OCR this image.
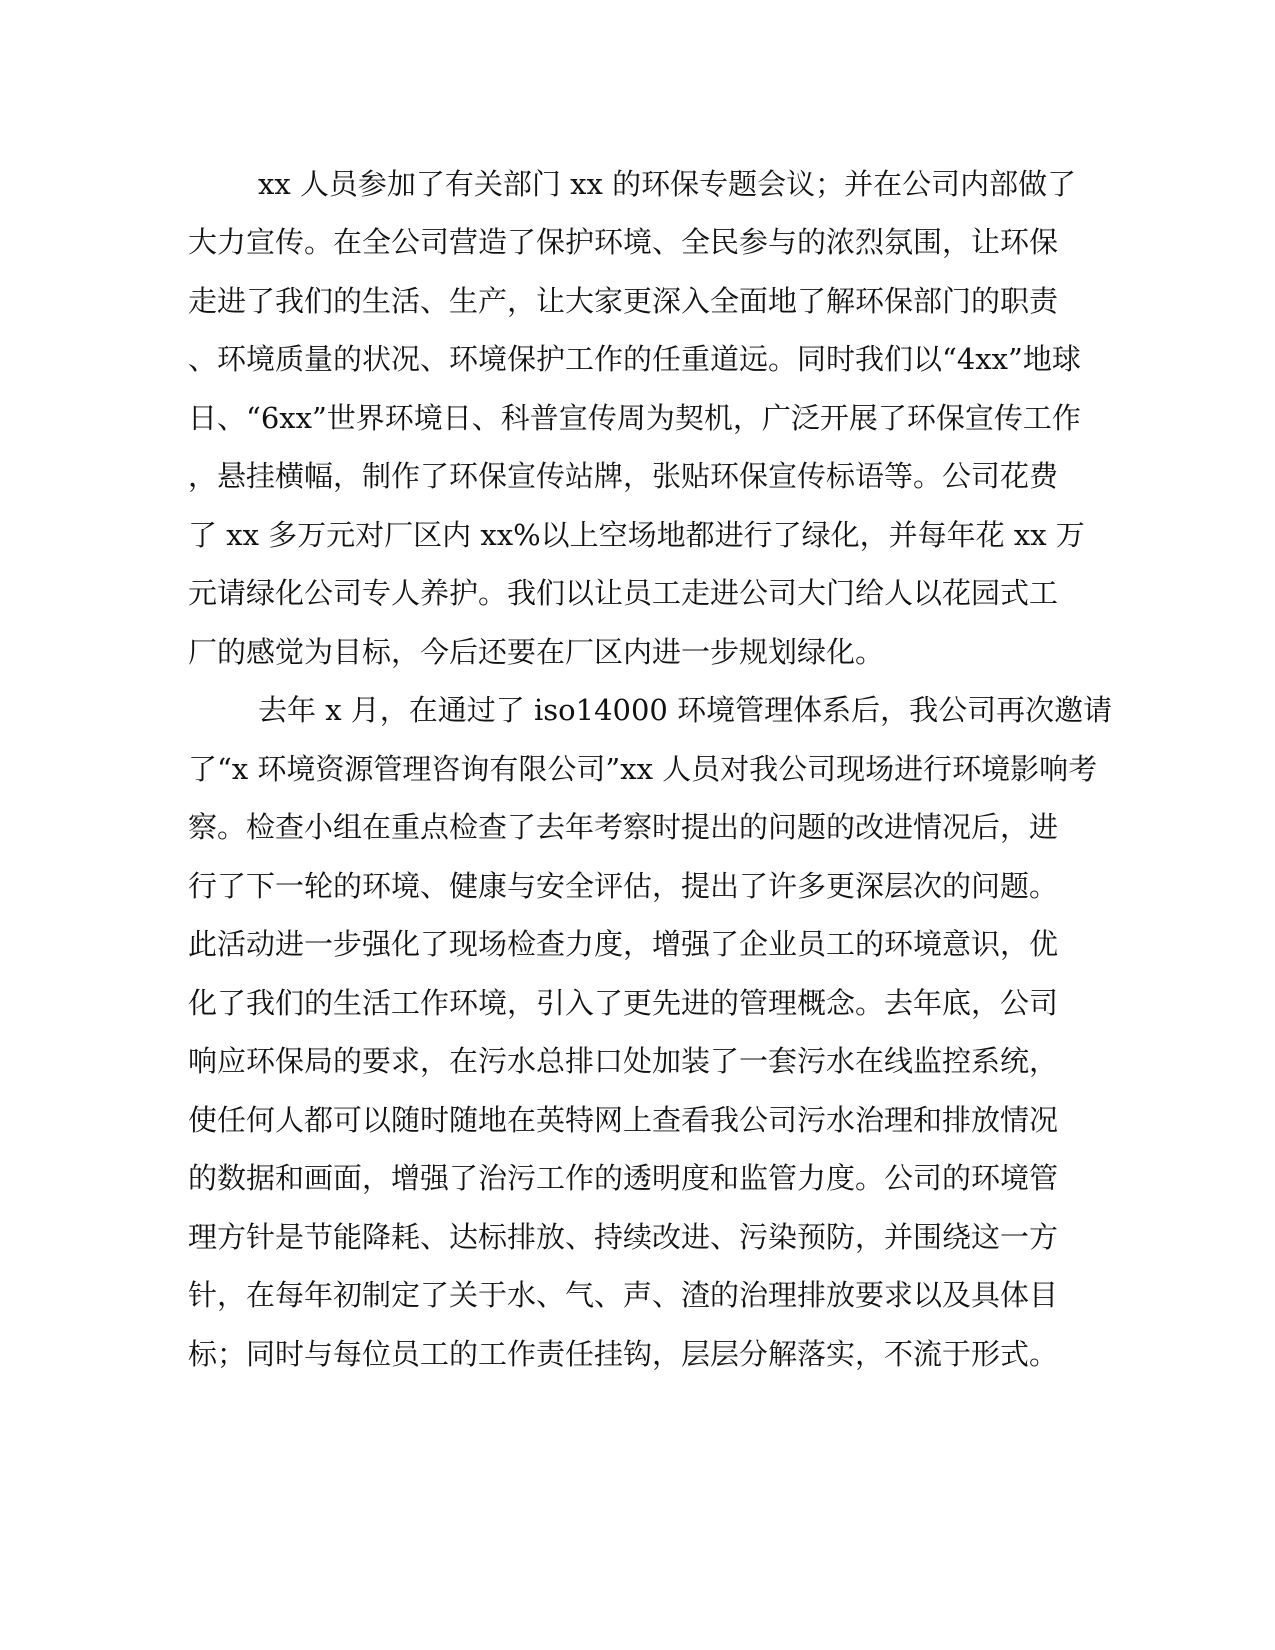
xx 人员参加了有关部门 xx 的环保专题会议；并在公司内部做了
大力宣传。在全公司营造了保护环境、全民参与的浓烈氛围，让环保
走进了我们的生活、生产，让大家更深入全面地了解环保部门的职责
、环境质量的状况、环境保护工作的任重道远。同时我们以“4xx”地球
日、“6xx”世界环境日、科普宣传周为契机，广泛开展了环保宣传工作
，悬挂横幅，制作了环保宣传站牌，张贴环保宣传标语等。公司花费
了 xx 多万元对厂区内 xx%以上空场地都进行了绿化，并每年花 xx 万
元请绿化公司专人养护。我们以让员工走进公司大门给人以花园式工
厂的感觉为目标，今后还要在厂区内进一步规划绿化。
去年 x 月，在通过了 iso14000 环境管理体系后，我公司再次邀请
了“x 环境资源管理咨询有限公司”xx 人员对我公司现场进行环境影响考
察。检查小组在重点检查了去年考察时提出的问题的改进情况后，进
行了下一轮的环境、健康与安全评估，提出了许多更深层次的问题。
此活动进一步强化了现场检查力度，增强了企业员工的环境意识，优
化了我们的生活工作环境，引入了更先进的管理概念。去年底，公司
响应环保局的要求，在污水总排口处加装了一套污水在线监控系统，
使任何人都可以随时随地在英特网上查看我公司污水治理和排放情况
的数据和画面，增强了治污工作的透明度和监管力度。公司的环境管
理方针是节能降耗、达标排放、持续改进、污染预防，并围绕这一方
针，在每年初制定了关于水、气、声、渣的治理排放要求以及具体目
标；同时与每位员工的工作责任挂钩，层层分解落实，不流于形式。
